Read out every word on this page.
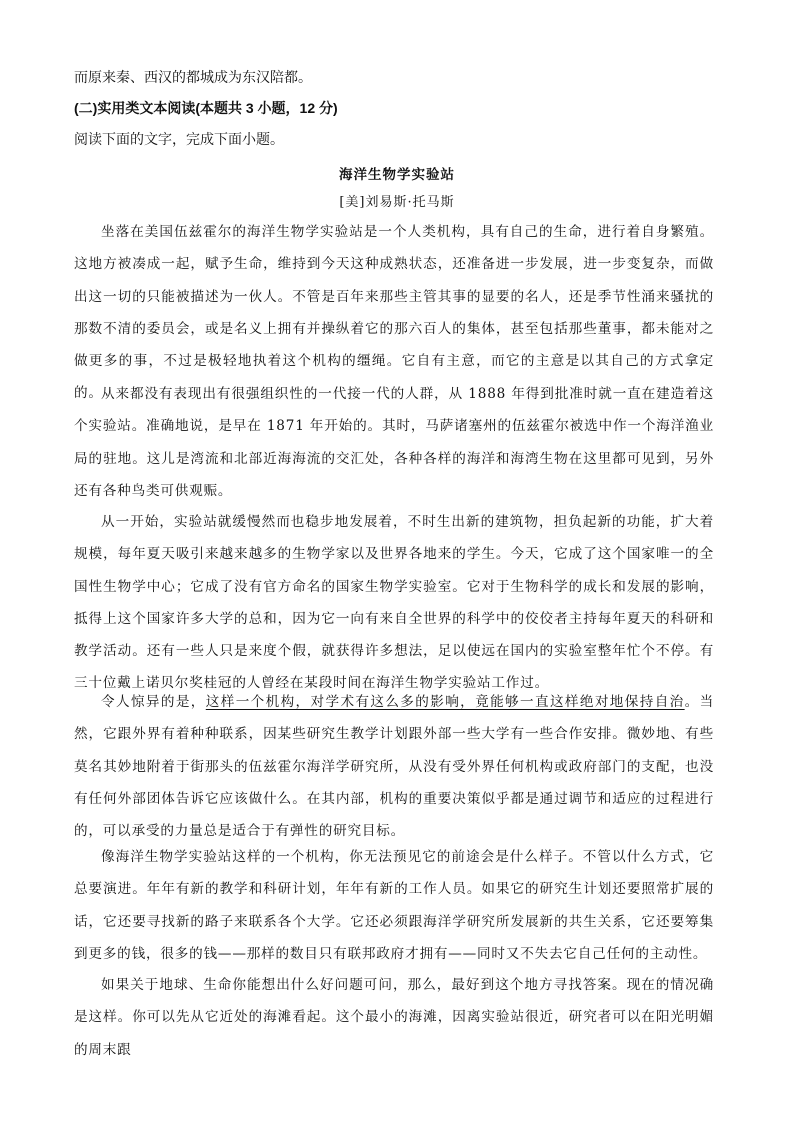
而原来秦、西汉的都城成为东汉陪都。
(二)实用类文本阅读(本题共 3 小题，12 分)
阅读下面的文字，完成下面小题。
海洋生物学实验站
[美]刘易斯·托马斯
坐落在美国伍兹霍尔的海洋生物学实验站是一个人类机构，具有自己的生命，进行着自身繁殖。这地方被凑成一起，赋予生命，维持到今天这种成熟状态，还准备进一步发展，进一步变复杂，而做出这一切的只能被描述为一伙人。不管是百年来那些主管其事的显要的名人，还是季节性涌来骚扰的那数不清的委员会，或是名义上拥有并操纵着它的那六百人的集体，甚至包括那些董事，都未能对之做更多的事，不过是极轻地执着这个机构的缰绳。它自有主意，而它的主意是以其自己的方式拿定的。
从来都没有表现出有很强组织性的一代接一代的人群，从 1888 年得到批准时就一直在建造着这个实验站。准确地说，是早在 1871 年开始的。其时，马萨诸塞州的伍兹霍尔被选中作一个海洋渔业局的驻地。这儿是湾流和北部近海海流的交汇处，各种各样的海洋和海湾生物在这里都可见到，另外还有各种鸟类可供观赈。
从一开始，实验站就缓慢然而也稳步地发展着，不时生出新的建筑物，担负起新的功能，扩大着规模，每年夏天吸引来越来越多的生物学家以及世界各地来的学生。今天，它成了这个国家唯一的全国性生物学中心；它成了没有官方命名的国家生物学实验室。它对于生物科学的成长和发展的影响，抵得上这个国家许多大学的总和，因为它一向有来自全世界的科学中的佼佼者主持每年夏天的科研和教学活动。还有一些人只是来度个假，就获得许多想法，足以使远在国内的实验室整年忙个不停。有三十位戴上诺贝尔奖桂冠的人曾经在某段时间在海洋生物学实验站工作过。
令人惊异的是，这样一个机构，对学术有这么多的影响，竟能够一直这样绝对地保持自治。当然，它跟外界有着种种联系，因某些研究生教学计划跟外部一些大学有一些合作安排。微妙地、有些莫名其妙地附着于街那头的伍兹霍尔海洋学研究所，从没有受外界任何机构或政府部门的支配，也没有任何外部团体告诉它应该做什么。在其内部，机构的重要决策似乎都是通过调节和适应的过程进行的，可以承受的力量总是适合于有弹性的研究目标。
像海洋生物学实验站这样的一个机构，你无法预见它的前途会是什么样子。不管以什么方式，它总要演进。年年有新的教学和科研计划，年年有新的工作人员。如果它的研究生计划还要照常扩展的话，它还要寻找新的路子来联系各个大学。它还必须跟海洋学研究所发展新的共生关系，它还要筹集到更多的钱，很多的钱——那样的数目只有联邦政府才拥有——同时又不失去它自己任何的主动性。
如果关于地球、生命你能想出什么好问题可问，那么，最好到这个地方寻找答案。现在的情况确是这样。你可以先从它近处的海滩看起。这个最小的海滩，因离实验站很近，研究者可以在阳光明媚的周末跟
